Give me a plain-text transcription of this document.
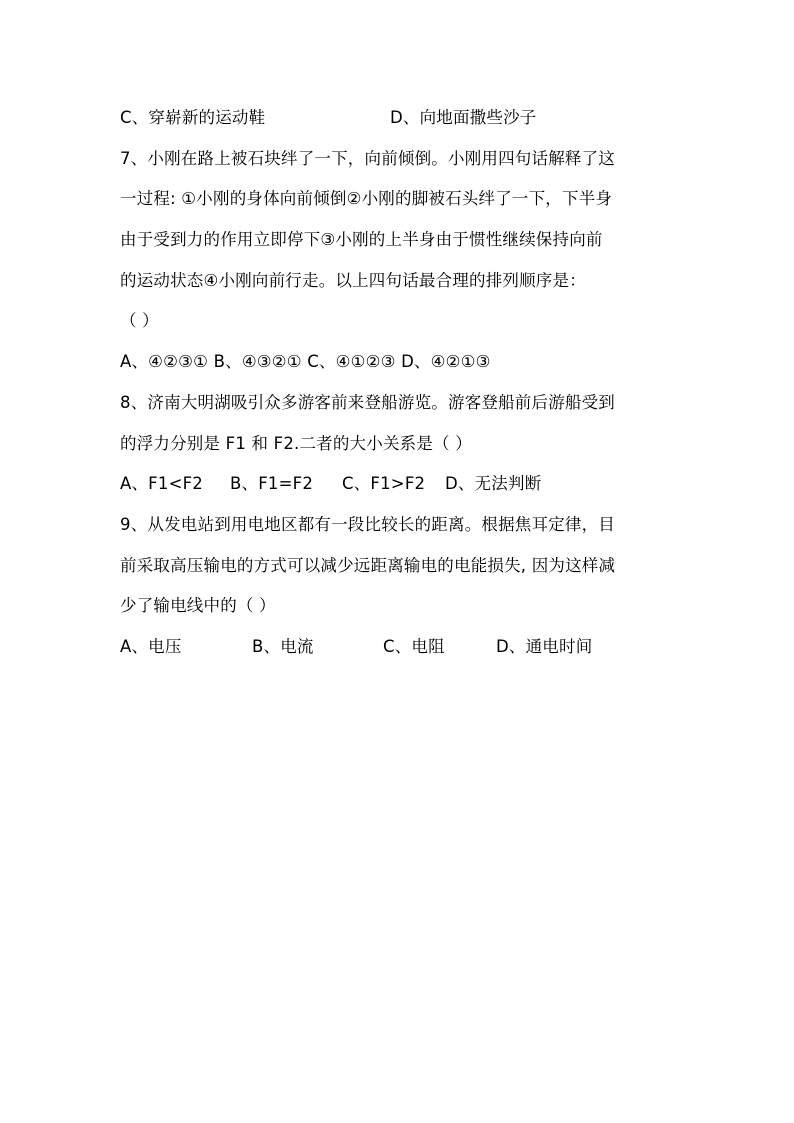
C、穿崭新的运动鞋	D、向地面撒些沙子
7、小刚在路上被石块绊了一下，向前倾倒。小刚用四句话解释了这
一过程: ①小刚的身体向前倾倒②小刚的脚被石头绊了一下，下半身
由于受到力的作用立即停下③小刚的上半身由于惯性继续保持向前
的运动状态④小刚向前行走。以上四句话最合理的排列顺序是：
（ ）
A、④②③① B、④③②① C、④①②③ D、④②①③
8、济南大明湖吸引众多游客前来登船游览。游客登船前后游船受到
的浮力分别是 F1 和 F2.二者的大小关系是（ ）
A、F1<F2	B、F1=F2	C、F1>F2	D、无法判断
9、从发电站到用电地区都有一段比较长的距离。根据焦耳定律，目
前采取高压输电的方式可以减少远距离输电的电能损失, 因为这样减
少了输电线中的（ ）
A、电压	B、电流	C、电阻	D、通电时间
